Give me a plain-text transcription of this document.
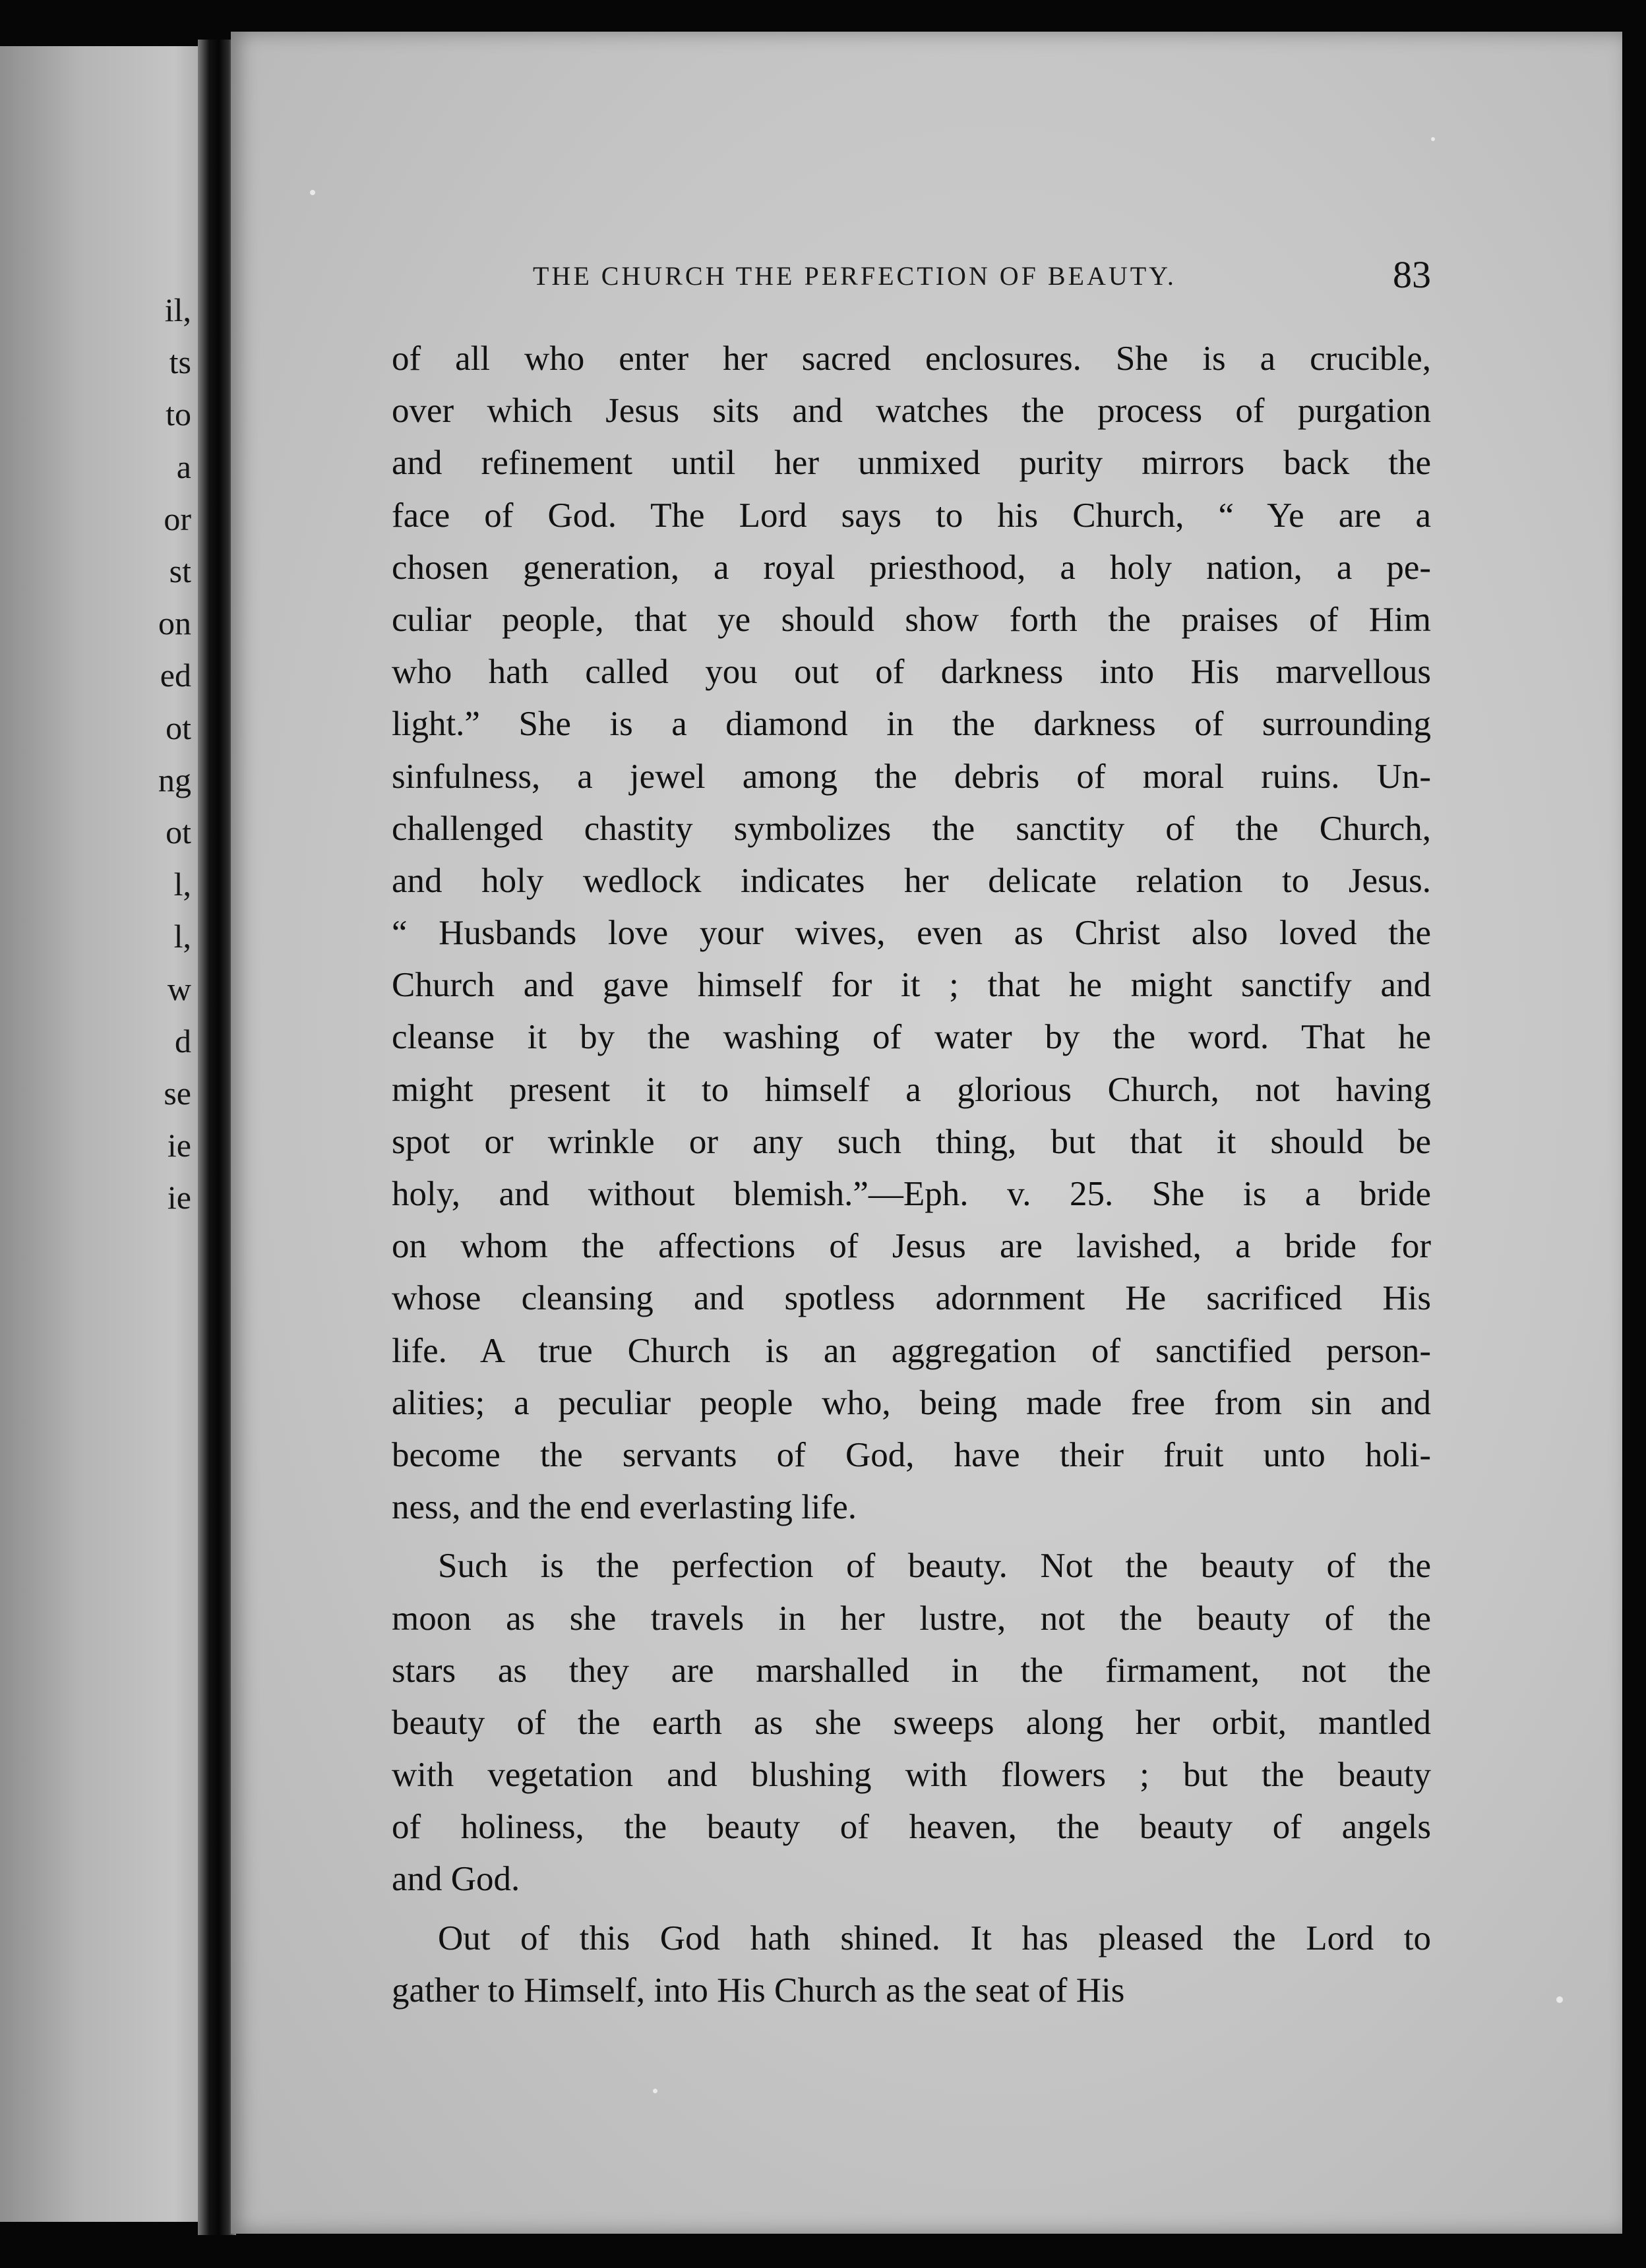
il,
ts
to
a
or
st
on
ed
ot
ng
ot
l,
l,
w
d
se
ie
ie
THE CHURCH THE PERFECTION OF BEAUTY.	83
of all who enter her sacred enclosures. She is a crucible,
over which Jesus sits and watches the process of purgation
and refinement until her unmixed purity mirrors back the
face of God. The Lord says to his Church, “ Ye are a
chosen generation, a royal priesthood, a holy nation, a pe-
culiar people, that ye should show forth the praises of Him
who hath called you out of darkness into His marvellous
light.” She is a diamond in the darkness of surrounding
sinfulness, a jewel among the debris of moral ruins. Un-
challenged chastity symbolizes the sanctity of the Church,
and holy wedlock indicates her delicate relation to Jesus.
“ Husbands love your wives, even as Christ also loved the
Church and gave himself for it ; that he might sanctify and
cleanse it by the washing of water by the word. That he
might present it to himself a glorious Church, not having
spot or wrinkle or any such thing, but that it should be
holy, and without blemish.”—Eph. v. 25. She is a bride
on whom the affections of Jesus are lavished, a bride for
whose cleansing and spotless adornment He sacrificed His
life. A true Church is an aggregation of sanctified person-
alities; a peculiar people who, being made free from sin and
become the servants of God, have their fruit unto holi-
ness, and the end everlasting life.
Such is the perfection of beauty. Not the beauty of the
moon as she travels in her lustre, not the beauty of the
stars as they are marshalled in the firmament, not the
beauty of the earth as she sweeps along her orbit, mantled
with vegetation and blushing with flowers ; but the beauty
of holiness, the beauty of heaven, the beauty of angels
and God.
Out of this God hath shined. It has pleased the Lord to
gather to Himself, into His Church as the seat of His
